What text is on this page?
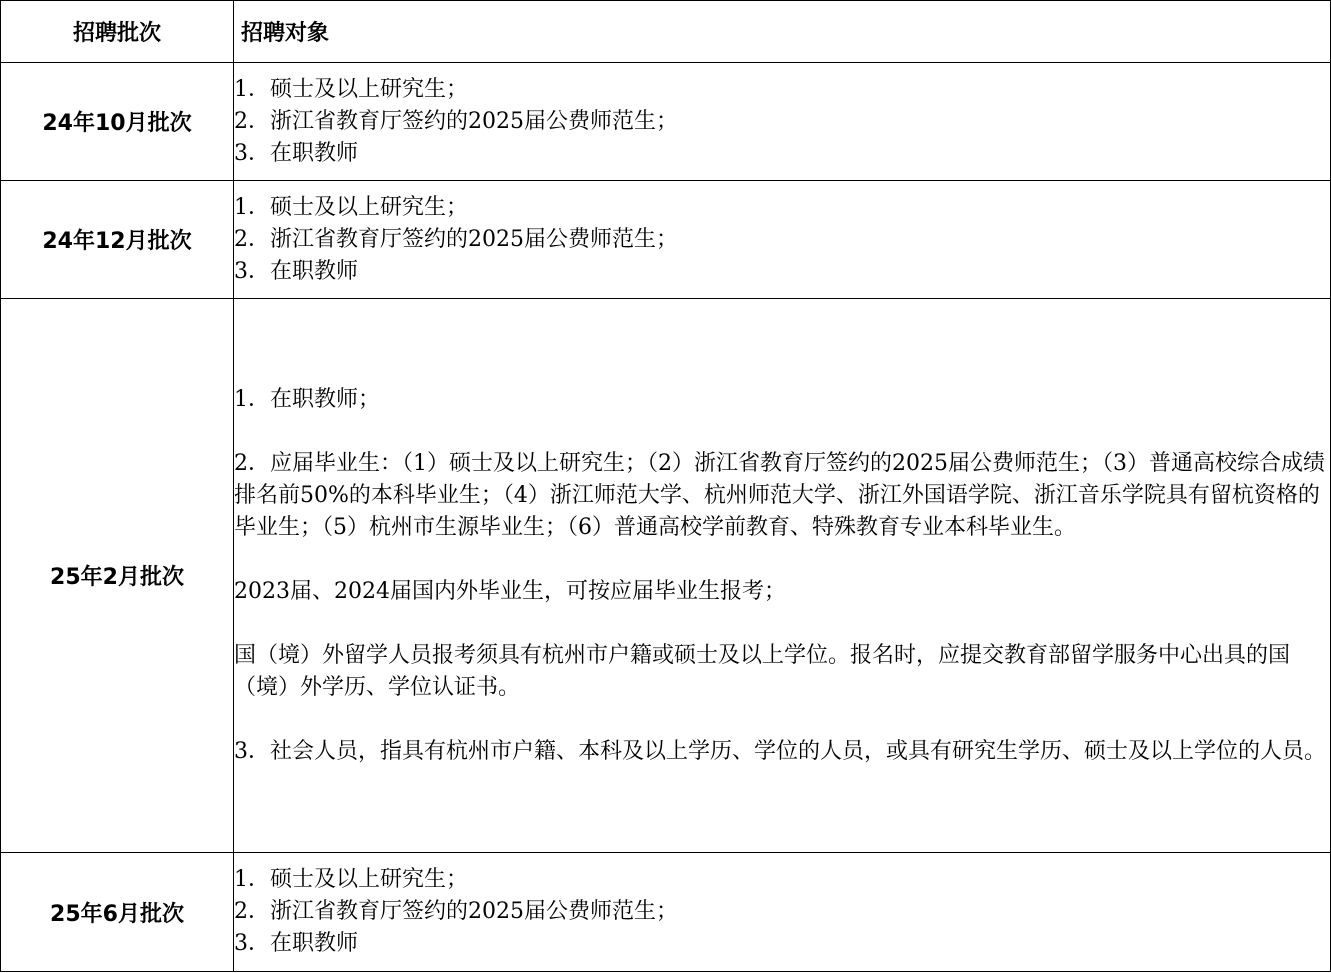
招聘批次	招聘对象
24年10月批次	1．硕士及以上研究生；
2．浙江省教育厅签约的2025届公费师范生；
3．在职教师

24年12月批次	1．硕士及以上研究生；
2．浙江省教育厅签约的2025届公费师范生；
3．在职教师

25年2月批次	1．在职教师；
2．应届毕业生：（1）硕士及以上研究生；（2）浙江省教育厅签约的2025届公费师范生；（3）普通高校综合成绩排名前50%的本科毕业生；（4）浙江师范大学、杭州师范大学、浙江外国语学院、浙江音乐学院具有留杭资格的毕业生；（5）杭州市生源毕业生；（6）普通高校学前教育、特殊教育专业本科毕业生。
2023届、2024届国内外毕业生，可按应届毕业生报考；
国（境）外留学人员报考须具有杭州市户籍或硕士及以上学位。报名时，应提交教育部留学服务中心出具的国（境）外学历、学位认证书。
3．社会人员，指具有杭州市户籍、本科及以上学历、学位的人员，或具有研究生学历、硕士及以上学位的人员。

25年6月批次	1．硕士及以上研究生；
2．浙江省教育厅签约的2025届公费师范生；
3．在职教师
